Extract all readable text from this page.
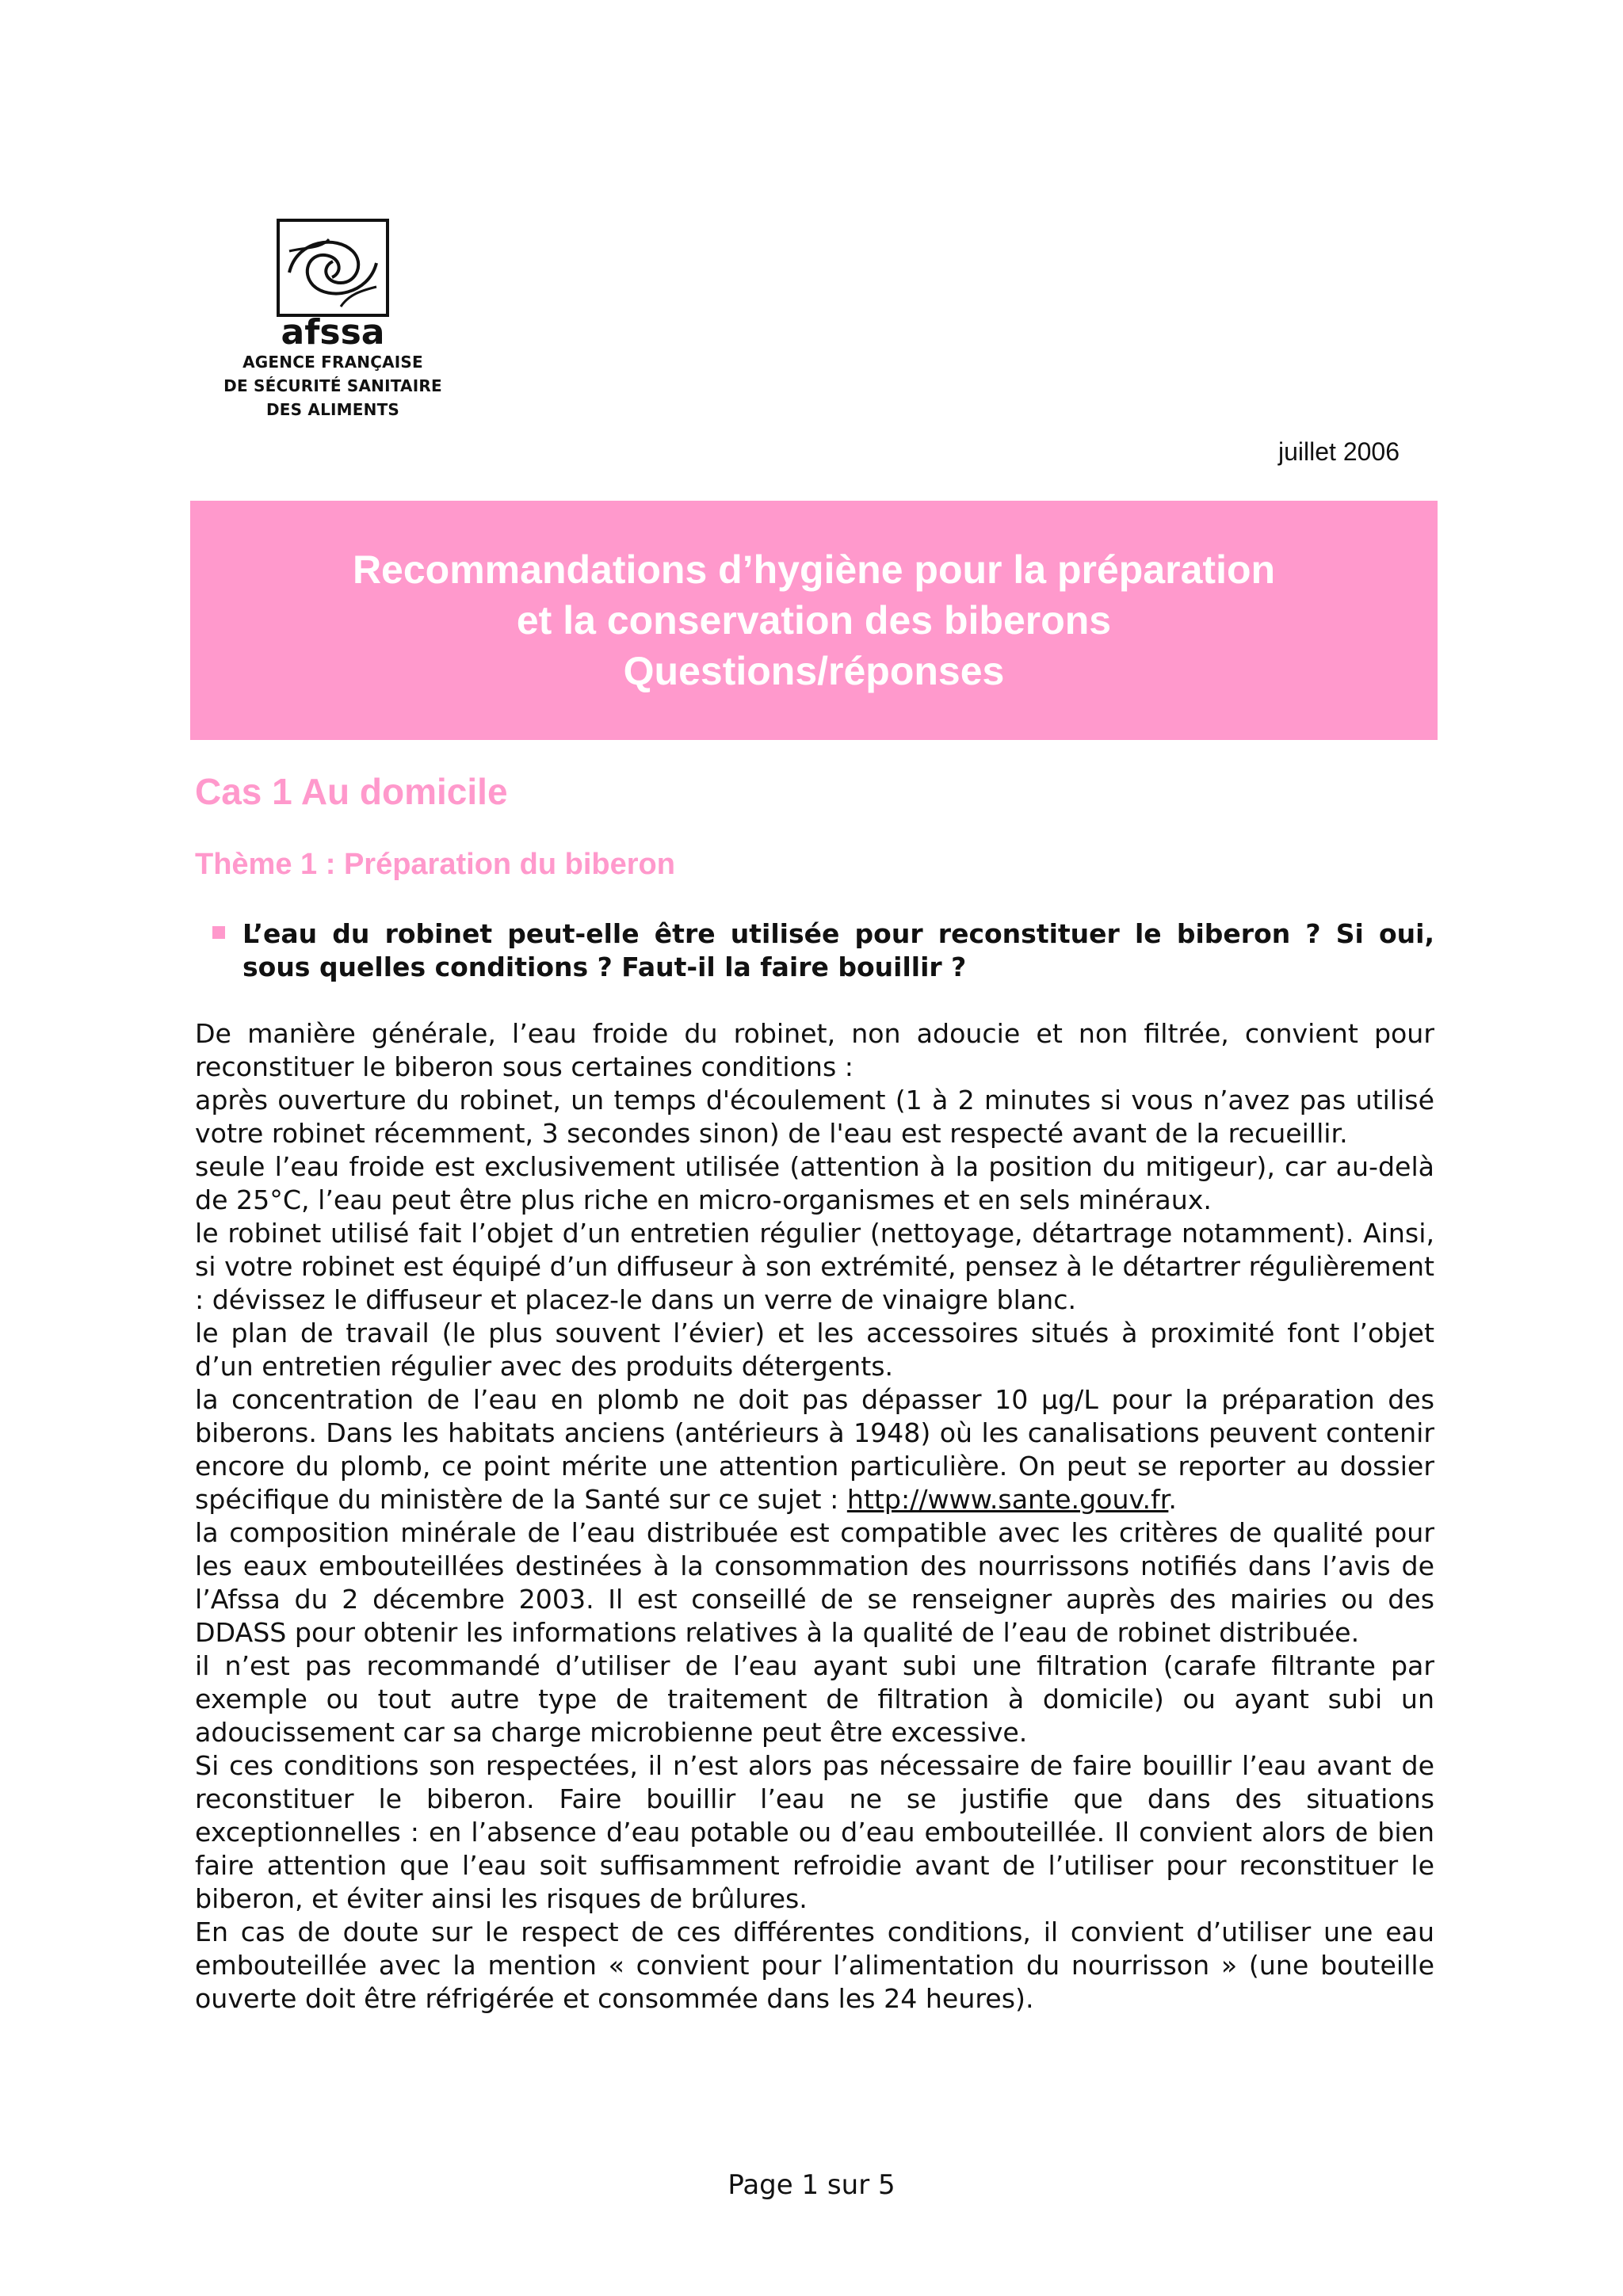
afssa
AGENCE FRANÇAISE
DE SÉCURITÉ SANITAIRE
DES ALIMENTS
juillet 2006
Recommandations d’hygiène pour la préparation
et la conservation des biberons
Questions/réponses
Cas 1 Au domicile
Thème 1 : Préparation du biberon
L’eau du robinet peut-elle être utilisée pour reconstituer le biberon ? Si oui, sous quelles conditions ? Faut-il la faire bouillir ?

De manière générale, l’eau froide du robinet, non adoucie et non filtrée, convient pour reconstituer le biberon sous certaines conditions :

après ouverture du robinet, un temps d'écoulement (1 à 2 minutes si vous n’avez pas utilisé votre robinet récemment, 3 secondes sinon) de l'eau est respecté avant de la recueillir.

seule l’eau froide est exclusivement utilisée (attention à la position du mitigeur), car au-delà de 25°C, l’eau peut être plus riche en micro-organismes et en sels minéraux.

le robinet utilisé fait l’objet d’un entretien régulier (nettoyage, détartrage notamment). Ainsi, si votre robinet est équipé d’un diffuseur à son extrémité, pensez à le détartrer régulièrement : dévissez le diffuseur et placez-le dans un verre de vinaigre blanc.

le plan de travail (le plus souvent l’évier) et les accessoires situés à proximité font l’objet d’un entretien régulier avec des produits détergents.

la concentration de l’eau en plomb ne doit pas dépasser 10 µg/L pour la préparation des biberons. Dans les habitats anciens (antérieurs à 1948) où les canalisations peuvent contenir encore du plomb, ce point mérite une attention particulière. On peut se reporter au dossier spécifique du ministère de la Santé sur ce sujet : http://www.sante.gouv.fr.

la composition minérale de l’eau distribuée est compatible avec les critères de qualité pour les eaux embouteillées destinées à la consommation des nourrissons notifiés dans l’avis de l’Afssa du 2 décembre 2003. Il est conseillé de se renseigner auprès des mairies ou des DDASS pour obtenir les informations relatives à la qualité de l’eau de robinet distribuée.

il n’est pas recommandé d’utiliser de l’eau ayant subi une filtration (carafe filtrante par exemple ou tout autre type de traitement de filtration à domicile) ou ayant subi un adoucissement car sa charge microbienne peut être excessive.

Si ces conditions son respectées, il n’est alors pas nécessaire de faire bouillir l’eau avant de reconstituer le biberon. Faire bouillir l’eau ne se justifie que dans des situations exceptionnelles : en l’absence d’eau potable ou d’eau embouteillée. Il convient alors de bien faire attention que l’eau soit suffisamment refroidie avant de l’utiliser pour reconstituer le biberon, et éviter ainsi les risques de brûlures.

En cas de doute sur le respect de ces différentes conditions, il convient d’utiliser une eau embouteillée avec la mention « convient pour l’alimentation du nourrisson » (une bouteille ouverte doit être réfrigérée et consommée dans les 24 heures).

Page 1 sur 5
